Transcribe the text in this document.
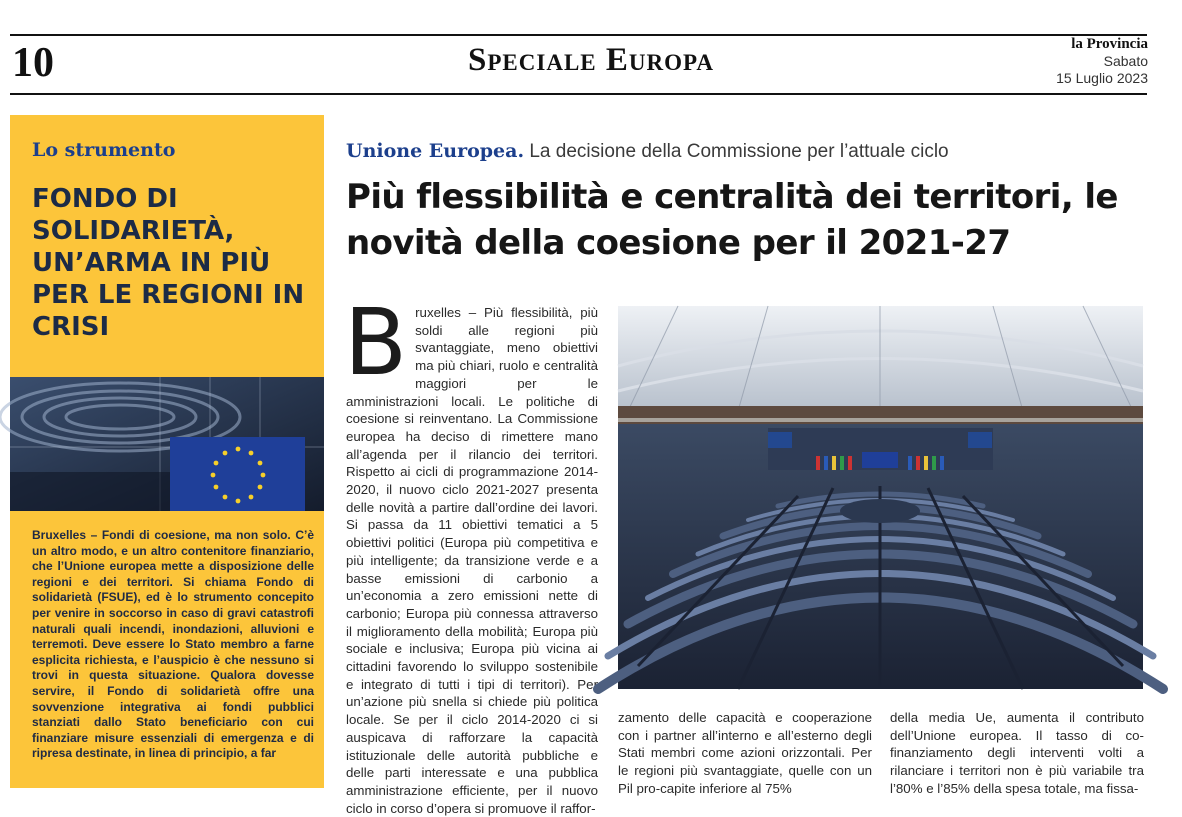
10	Speciale Europa	la Provincia
Sabato
15 Luglio 2023
Lo strumento
FONDO DI SOLIDARIETÀ, UN’ARMA IN PIÙ PER LE REGIONI IN CRISI
Bruxelles – Fondi di coesione, ma non solo. C’è un altro modo, e un altro contenitore finanziario, che l’Unione europea mette a disposizione delle regioni e dei territori. Si chiama Fondo di solidarietà (FSUE), ed è lo strumento concepito per venire in soccorso in caso di gravi catastrofi naturali quali incendi, inondazioni, alluvioni e terremoti. Deve essere lo Stato membro a farne esplicita richiesta, e l’auspicio è che nessuno si trovi in questa situazione. Qualora dovesse servire, il Fondo di solidarietà offre una sovvenzione integrativa ai fondi pubblici stanziati dallo Stato beneficiario con cui finanziare misure essenziali di emergenza e di ripresa destinate, in linea di principio, a far
Unione Europea. La decisione della Commissione per l’attuale ciclo
Più flessibilità e centralità dei territori, le novità della coesione per il 2021-27
Bruxelles – Più flessibilità, più soldi alle regioni più svantaggiate, meno obiettivi ma più chiari, ruolo e centralità maggiori per le amministrazioni locali. Le politiche di coesione si reinventano. La Commissione europea ha deciso di rimettere mano all’agenda per il rilancio dei territori. Rispetto ai cicli di programmazione 2014-2020, il nuovo ciclo 2021-2027 presenta delle novità a partire dall’ordine dei lavori. Si passa da 11 obiettivi tematici a 5 obiettivi politici (Europa più competitiva e più intelligente; da transizione verde e a basse emissioni di carbonio a un’economia a zero emissioni nette di carbonio; Europa più connessa attraverso il miglioramento della mobilità; Europa più sociale e inclusiva; Europa più vicina ai cittadini favorendo lo sviluppo sostenibile e integrato di tutti i tipi di territori). Per un’azione più snella si chiede più politica locale. Se per il ciclo 2014-2020 ci si auspicava di rafforzare la capacità istituzionale delle autorità pubbliche e delle parti interessate e una pubblica amministrazione efficiente, per il nuovo ciclo in corso d’opera si promuove il raffor-
zamento delle capacità e cooperazione con i partner all’interno e all’esterno degli Stati membri come azioni orizzontali. Per le regioni più svantaggiate, quelle con un Pil pro-capite inferiore al 75%
della media Ue, aumenta il contributo dell’Unione europea. Il tasso di co-finanziamento degli interventi volti a rilanciare i territori non è più variabile tra l’80% e l’85% della spesa totale, ma fissa-
